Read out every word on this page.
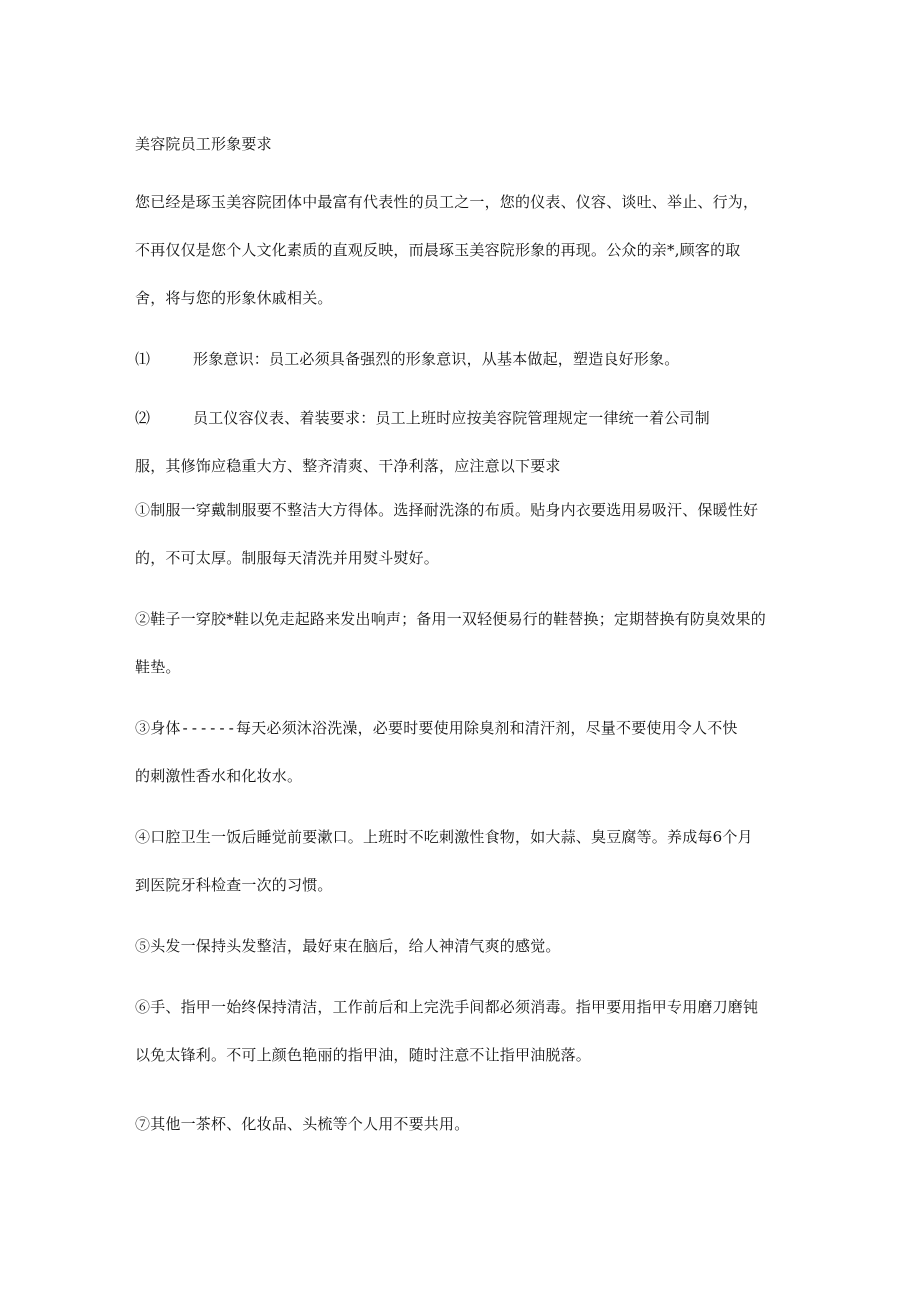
美容院员工形象要求
您已经是琢玉美容院团体中最富有代表性的员工之一，您的仪表、仪容、谈吐、举止、行为，
不再仅仅是您个人文化素质的直观反映，而晨琢玉美容院形象的再现。公众的亲*,顾客的取
舍，将与您的形象休戚相关。
⑴	形象意识：员工必须具备强烈的形象意识，从基本做起，塑造良好形象。
⑵	员工仪容仪表、着装要求：员工上班时应按美容院管理规定一律统一着公司制
服，其修饰应稳重大方、整齐清爽、干净利落，应注意以下要求
①制服一穿戴制服要不整洁大方得体。选择耐洗涤的布质。贴身内衣要选用易吸汗、保暖性好
的，不可太厚。制服每天清洗并用熨斗熨好。
②鞋子一穿胶*鞋以免走起路来发出响声；备用一双轻便易行的鞋替换；定期替换有防臭效果的
鞋垫。
③身体------每天必须沐浴洗澡，必要时要使用除臭剂和清汗剂，尽量不要使用令人不快
的刺激性香水和化妆水。
④口腔卫生一饭后睡觉前要漱口。上班时不吃刺激性食物，如大蒜、臭豆腐等。养成每6个月
到医院牙科检查一次的习惯。
⑤头发一保持头发整洁，最好束在脑后，给人神清气爽的感觉。
⑥手、指甲一始终保持清洁，工作前后和上完洗手间都必须消毒。指甲要用指甲专用磨刀磨钝
以免太锋利。不可上颜色艳丽的指甲油，随时注意不让指甲油脱落。
⑦其他一茶杯、化妆品、头梳等个人用不要共用。
